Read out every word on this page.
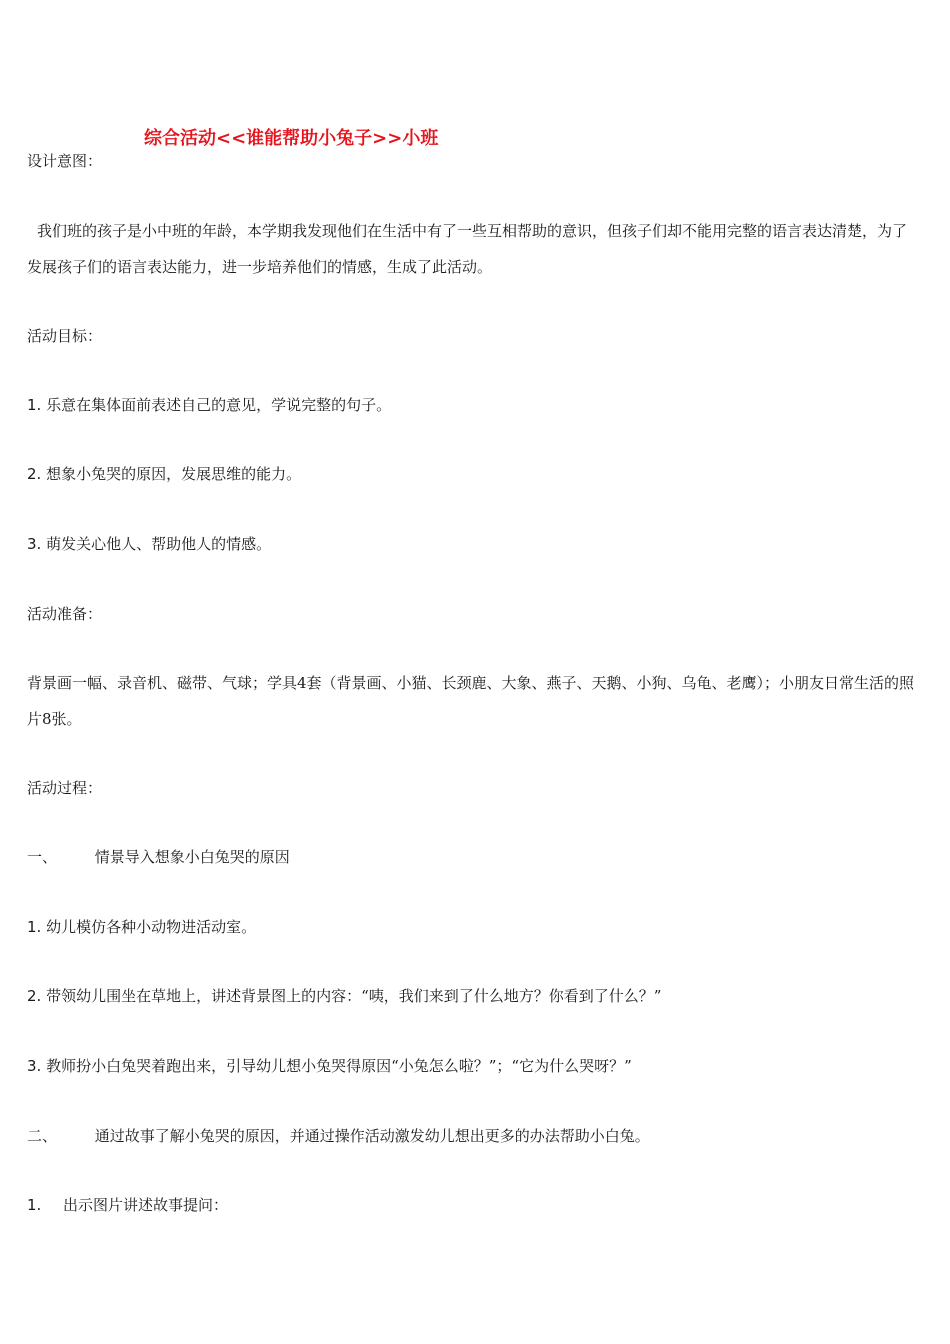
综合活动<<谁能帮助小兔子>>小班
设计意图：
我们班的孩子是小中班的年龄，本学期我发现他们在生活中有了一些互相帮助的意识，但孩子们却不能用完整的语言表达清楚，为了发展孩子们的语言表达能力，进一步培养他们的情感，生成了此活动。
活动目标：
1. 乐意在集体面前表述自己的意见，学说完整的句子。
2. 想象小兔哭的原因，发展思维的能力。
3. 萌发关心他人、帮助他人的情感。
活动准备：
背景画一幅、录音机、磁带、气球；学具4套（背景画、小猫、长颈鹿、大象、燕子、天鹅、小狗、乌龟、老鹰）；小朋友日常生活的照片8张。
活动过程：
一、	情景导入想象小白兔哭的原因
1. 幼儿模仿各种小动物进活动室。
2. 带领幼儿围坐在草地上，讲述背景图上的内容：“咦，我们来到了什么地方？你看到了什么？”
3. 教师扮小白兔哭着跑出来，引导幼儿想小兔哭得原因“小兔怎么啦？”；“它为什么哭呀？”
二、	通过故事了解小兔哭的原因，并通过操作活动激发幼儿想出更多的办法帮助小白兔。
1. 出示图片讲述故事提问：
